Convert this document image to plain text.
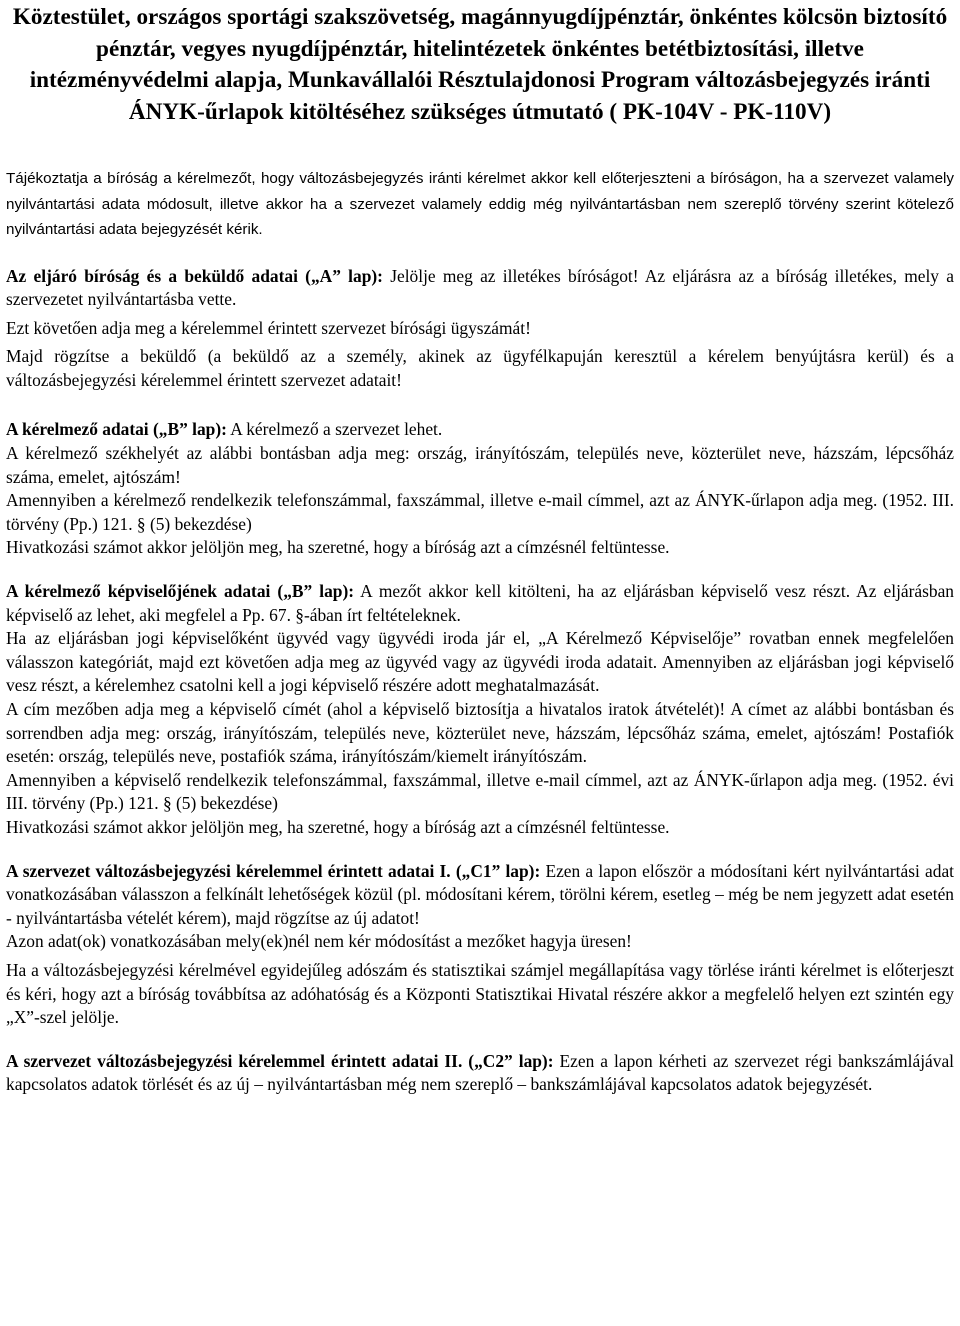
Köztestület, országos sportági szakszövetség, magánnyugdíjpénztár, önkéntes kölcsön biztosító pénztár, vegyes nyugdíjpénztár, hitelintézetek önkéntes betétbiztosítási, illetve intézményvédelmi alapja, Munkavállalói Résztulajdonosi Program változásbejegyzés iránti ÁNYK-űrlapok kitöltéséhez szükséges útmutató ( PK-104V - PK-110V)
Tájékoztatja a bíróság a kérelmezőt, hogy változásbejegyzés iránti kérelmet akkor kell előterjeszteni a bíróságon, ha a szervezet valamely nyilvántartási adata módosult, illetve akkor ha a szervezet valamely eddig még nyilvántartásban nem szereplő törvény szerint kötelező nyilvántartási adata bejegyzését kérik.

Az eljáró bíróság és a beküldő adatai („A” lap): Jelölje meg az illetékes bíróságot! Az eljárásra az a bíróság illetékes, mely a szervezetet nyilvántartásba vette.

Ezt követően adja meg a kérelemmel érintett szervezet bírósági ügyszámát!

Majd rögzítse a beküldő (a beküldő az a személy, akinek az ügyfélkapuján keresztül a kérelem benyújtásra kerül) és a változásbejegyzési kérelemmel érintett szervezet adatait!

A kérelmező adatai („B” lap): A kérelmező a szervezet lehet.

A kérelmező székhelyét az alábbi bontásban adja meg: ország, irányítószám, település neve, közterület neve, házszám, lépcsőház száma, emelet, ajtószám!

Amennyiben a kérelmező rendelkezik telefonszámmal, faxszámmal, illetve e-mail címmel, azt az ÁNYK-űrlapon adja meg. (1952. III. törvény (Pp.) 121. § (5) bekezdése)

Hivatkozási számot akkor jelöljön meg, ha szeretné, hogy a bíróság azt a címzésnél feltüntesse.

A kérelmező képviselőjének adatai („B” lap): A mezőt akkor kell kitölteni, ha az eljárásban képviselő vesz részt. Az eljárásban képviselő az lehet, aki megfelel a Pp. 67. §-ában írt feltételeknek.

Ha az eljárásban jogi képviselőként ügyvéd vagy ügyvédi iroda jár el, „A Kérelmező Képviselője” rovatban ennek megfelelően válasszon kategóriát, majd ezt követően adja meg az ügyvéd vagy az ügyvédi iroda adatait. Amennyiben az eljárásban jogi képviselő vesz részt, a kérelemhez csatolni kell a jogi képviselő részére adott meghatalmazását.

A cím mezőben adja meg a képviselő címét (ahol a képviselő biztosítja a hivatalos iratok átvételét)! A címet az alábbi bontásban és sorrendben adja meg: ország, irányítószám, település neve, közterület neve, házszám, lépcsőház száma, emelet, ajtószám! Postafiók esetén: ország, település neve, postafiók száma, irányítószám/kiemelt irányítószám.

Amennyiben a képviselő rendelkezik telefonszámmal, faxszámmal, illetve e-mail címmel, azt az ÁNYK-űrlapon adja meg. (1952. évi III. törvény (Pp.) 121. § (5) bekezdése)

Hivatkozási számot akkor jelöljön meg, ha szeretné, hogy a bíróság azt a címzésnél feltüntesse.

A szervezet változásbejegyzési kérelemmel érintett adatai I. („C1” lap): Ezen a lapon először a módosítani kért nyilvántartási adat vonatkozásában válasszon a felkínált lehetőségek közül (pl. módosítani kérem, törölni kérem, esetleg – még be nem jegyzett adat esetén - nyilvántartásba vételét kérem), majd rögzítse az új adatot!

Azon adat(ok) vonatkozásában mely(ek)nél nem kér módosítást a mezőket hagyja üresen!

Ha a változásbejegyzési kérelmével egyidejűleg adószám és statisztikai számjel megállapítása vagy törlése iránti kérelmet is előterjeszt és kéri, hogy azt a bíróság továbbítsa az adóhatóság és a Központi Statisztikai Hivatal részére akkor a megfelelő helyen ezt szintén egy „X”-szel jelölje.

A szervezet változásbejegyzési kérelemmel érintett adatai II. („C2” lap): Ezen a lapon kérheti az szervezet régi bankszámlájával kapcsolatos adatok törlését és az új – nyilvántartásban még nem szereplő – bankszámlájával kapcsolatos adatok bejegyzését.
